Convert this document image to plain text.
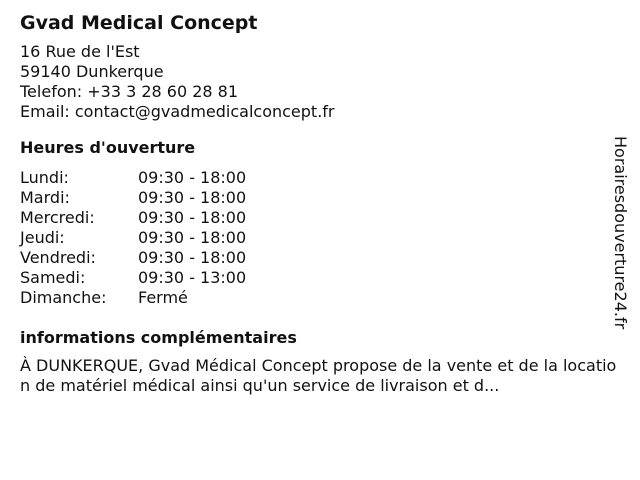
Gvad Medical Concept
16 Rue de l'Est
59140 Dunkerque
Telefon: +33 3 28 60 28 81
Email: contact@gvadmedicalconcept.fr
Heures d'ouverture
Lundi:	09:30 - 18:00
Mardi:	09:30 - 18:00
Mercredi:	09:30 - 18:00
Jeudi:	09:30 - 18:00
Vendredi:	09:30 - 18:00
Samedi:	09:30 - 13:00
Dimanche:	Fermé
informations complémentaires
À DUNKERQUE, Gvad Médical Concept propose de la vente et de la location de matériel médical ainsi qu'un service de livraison et d...
Horairesdouverture24.fr
